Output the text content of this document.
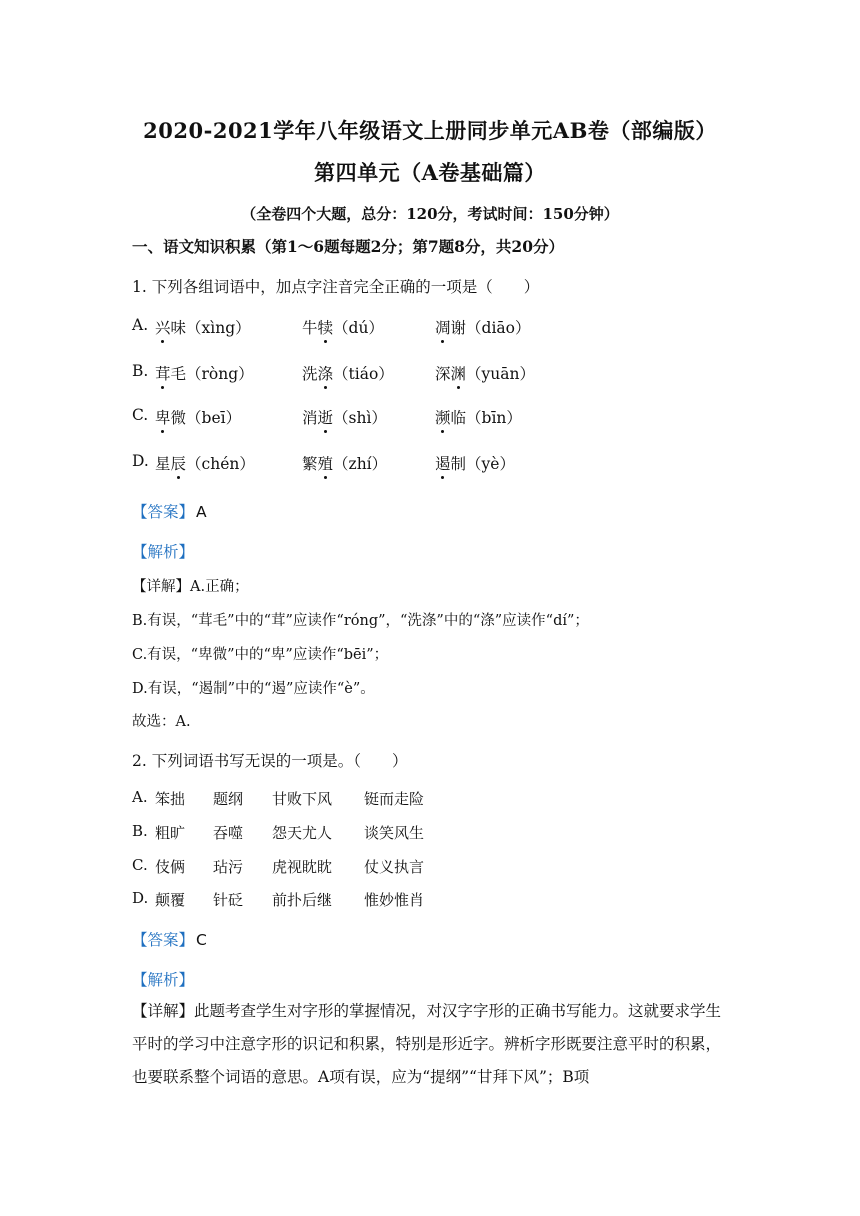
2020-2021学年八年级语文上册同步单元AB卷（部编版）
第四单元（A卷基础篇）
（全卷四个大题，总分：120分，考试时间：150分钟）
一、语文知识积累（第1～6题每题2分；第7题8分，共20分）
1. 下列各组词语中，加点字注音完全正确的一项是（　　）
A. 兴味（xìng）	牛犊（dú）	凋谢（diāo）
B. 茸毛（ròng）	洗涤（tiáo）	深渊（yuān）
C. 卑微（beī）	消逝（shì）	濒临（bīn）
D. 星辰（chén）	繁殖（zhí）	遏制（yè）
【答案】 A
【解析】
【详解】A.正确；
B.有误，“茸毛”中的“茸”应读作“róng”，“洗涤”中的“涤”应读作“dí”；
C.有误，“卑微”中的“卑”应读作“bēi”；
D.有误，“遏制”中的“遏”应读作“è”。
故选：A.
2. 下列词语书写无误的一项是。（　　）
A. 笨拙 题纲 甘败下风 铤而走险
B. 粗旷 吞噬 怨天尤人 谈笑风生
C. 伎俩 玷污 虎视眈眈 仗义执言
D. 颠覆 针砭 前扑后继 惟妙惟肖
【答案】 C
【解析】
【详解】此题考查学生对字形的掌握情况，对汉字字形的正确书写能力。这就要求学生平时的学习中注意字形的识记和积累，特别是形近字。辨析字形既要注意平时的积累，也要联系整个词语的意思。A项有误，应为“提纲”“甘拜下风”；B项
